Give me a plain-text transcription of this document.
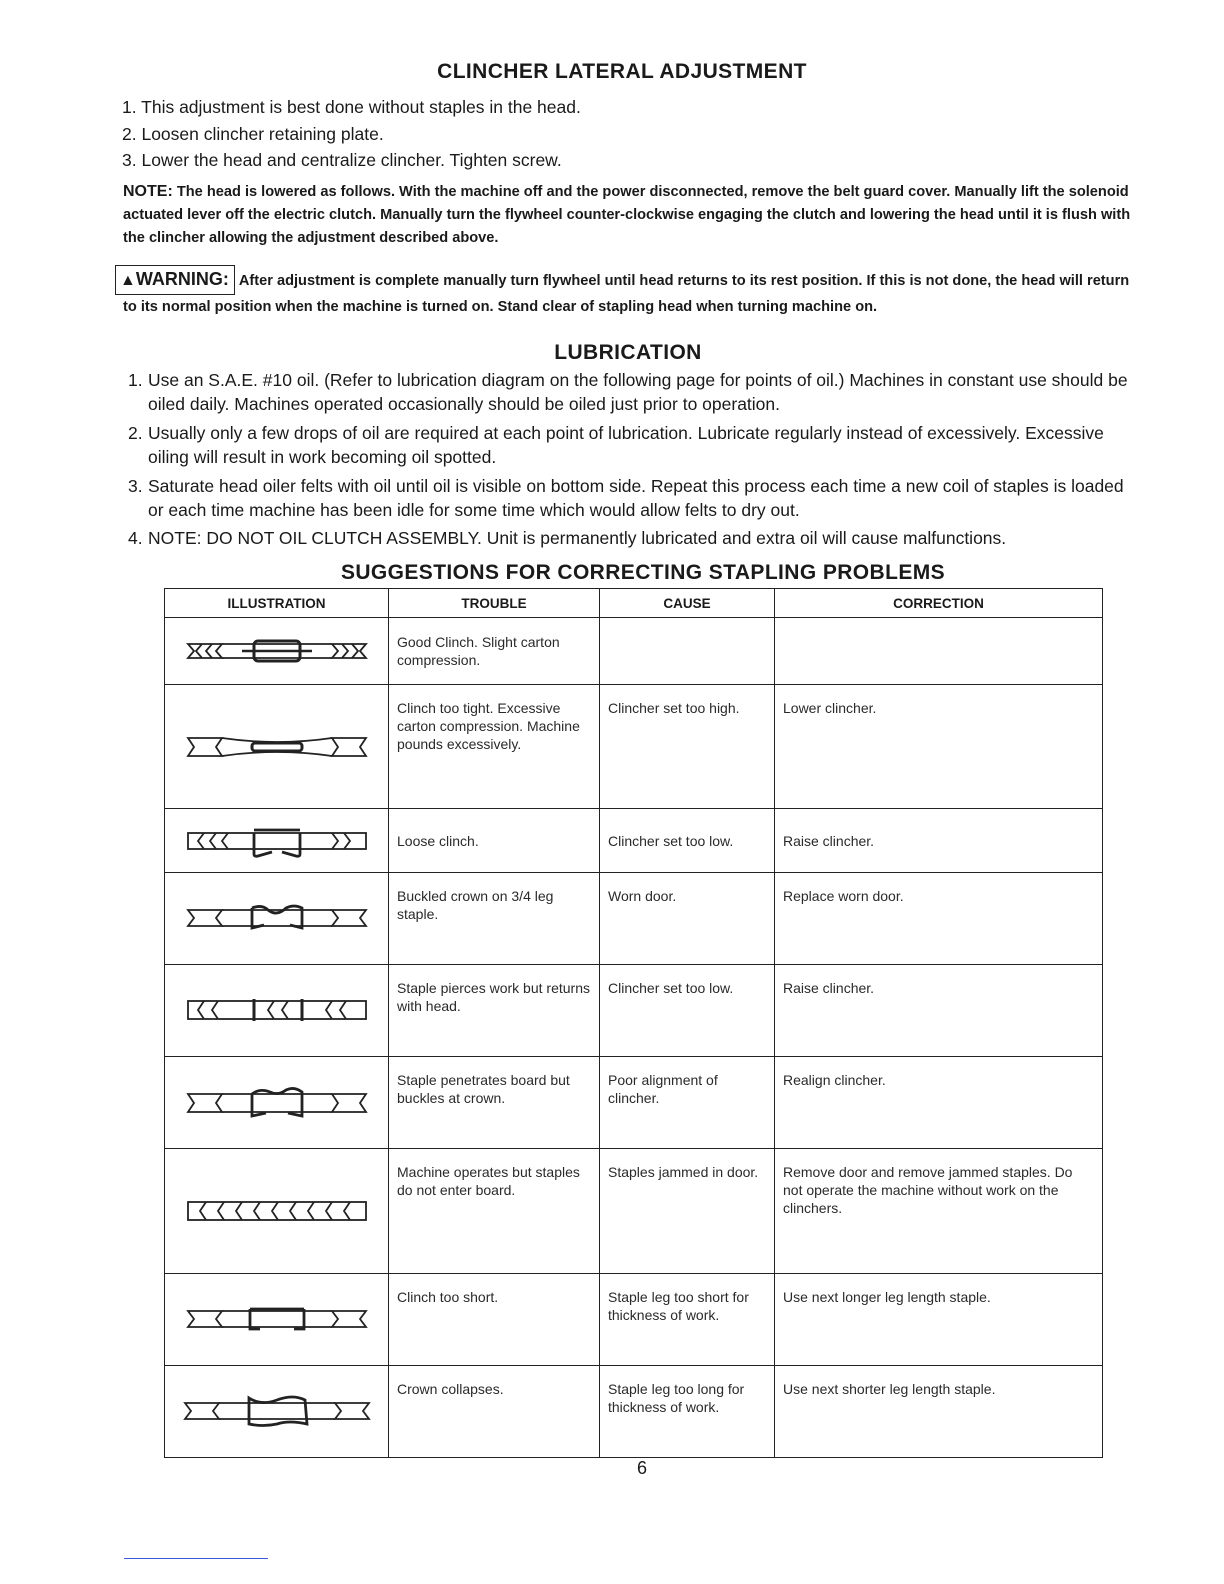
CLINCHER LATERAL ADJUSTMENT
1. This adjustment is best done without staples in the head.
2. Loosen clincher retaining plate.
3. Lower the head and centralize clincher. Tighten screw.
NOTE: The head is lowered as follows. With the machine off and the power disconnected, remove the belt guard cover. Manually lift the solenoid actuated lever off the electric clutch. Manually turn the flywheel counter-clockwise engaging the clutch and lowering the head until it is flush with the clincher allowing the adjustment described above.
▲WARNING: After adjustment is complete manually turn flywheel until head returns to its rest position. If this is not done, the head will return to its normal position when the machine is turned on. Stand clear of stapling head when turning machine on.
LUBRICATION
1. Use an S.A.E. #10 oil. (Refer to lubrication diagram on the following page for points of oil.) Machines in constant use should be oiled daily. Machines operated occasionally should be oiled just prior to operation.
2. Usually only a few drops of oil are required at each point of lubrication. Lubricate regularly instead of excessively. Excessive oiling will result in work becoming oil spotted.
3. Saturate head oiler felts with oil until oil is visible on bottom side. Repeat this process each time a new coil of staples is loaded or each time machine has been idle for some time which would allow felts to dry out.
4. NOTE: DO NOT OIL CLUTCH ASSEMBLY. Unit is permanently lubricated and extra oil will cause malfunctions.
SUGGESTIONS FOR CORRECTING STAPLING PROBLEMS
ILLUSTRATION	TROUBLE	CAUSE	CORRECTION

	Good Clinch. Slight carton compression.		

	Clinch too tight. Excessive carton compression. Machine pounds excessively.	Clincher set too high.	Lower clincher.

	Loose clinch.	Clincher set too low.	Raise clincher.

	Buckled crown on 3/4 leg staple.	Worn door.	Replace worn door.

	Staple pierces work but returns with head.	Clincher set too low.	Raise clincher.

	Staple penetrates board but buckles at crown.	Poor alignment of clincher.	Realign clincher.

	Machine operates but staples do not enter board.	Staples jammed in door.	Remove door and remove jammed staples. Do not operate the machine without work on the clinchers.

	Clinch too short.	Staple leg too short for thickness of work.	Use next longer leg length staple.

	Crown collapses.	Staple leg too long for thickness of work.	Use next shorter leg length staple.
6
